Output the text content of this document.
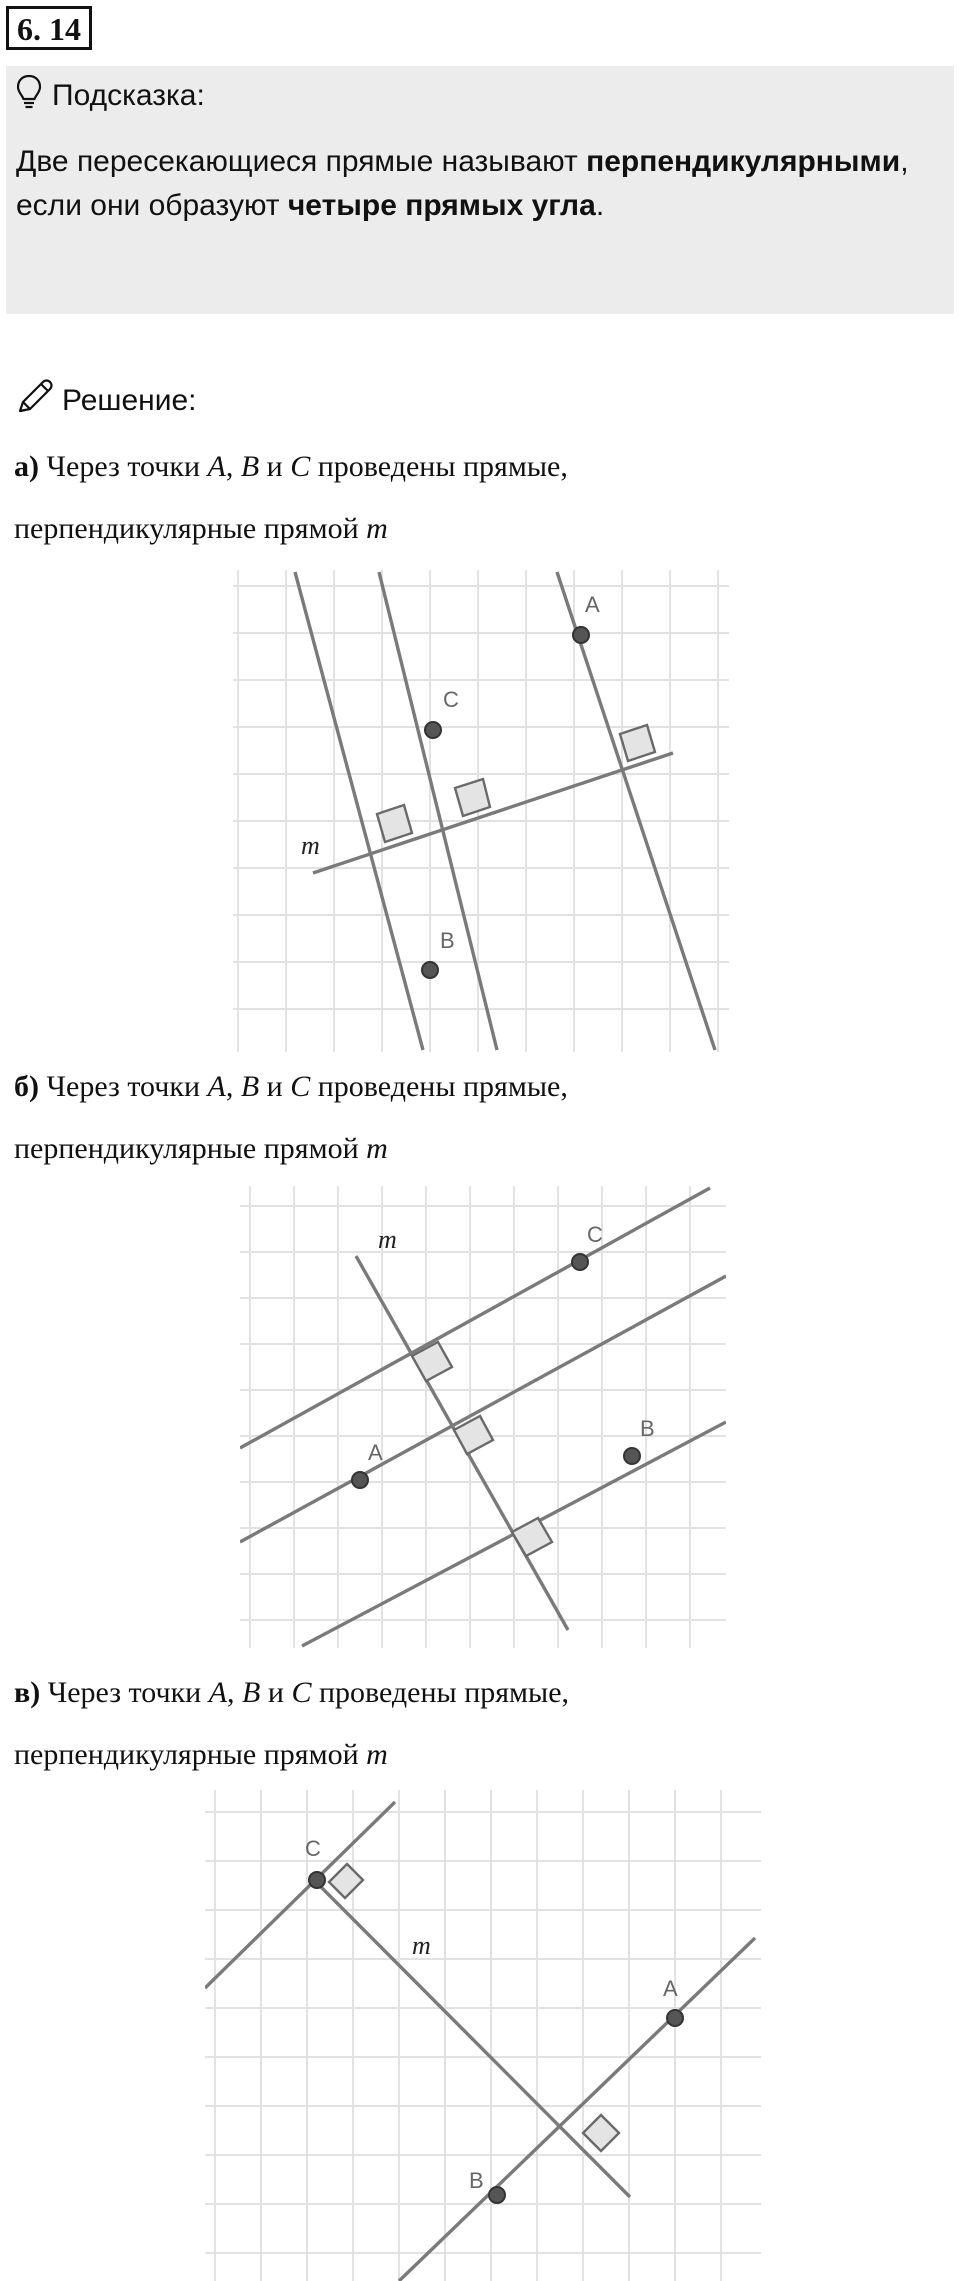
6. 14
Подсказка:
Две пересекающиеся прямые называют перпендикулярными, если они образуют четыре прямых угла.
Решение:
а) Через точки A, B и C проведены прямые,
перпендикулярные прямой m
A
C
B
m
б) Через точки A, B и C проведены прямые,
перпендикулярные прямой m
C
A
B
m
в) Через точки A, B и C проведены прямые,
перпендикулярные прямой m
C
A
B
m
